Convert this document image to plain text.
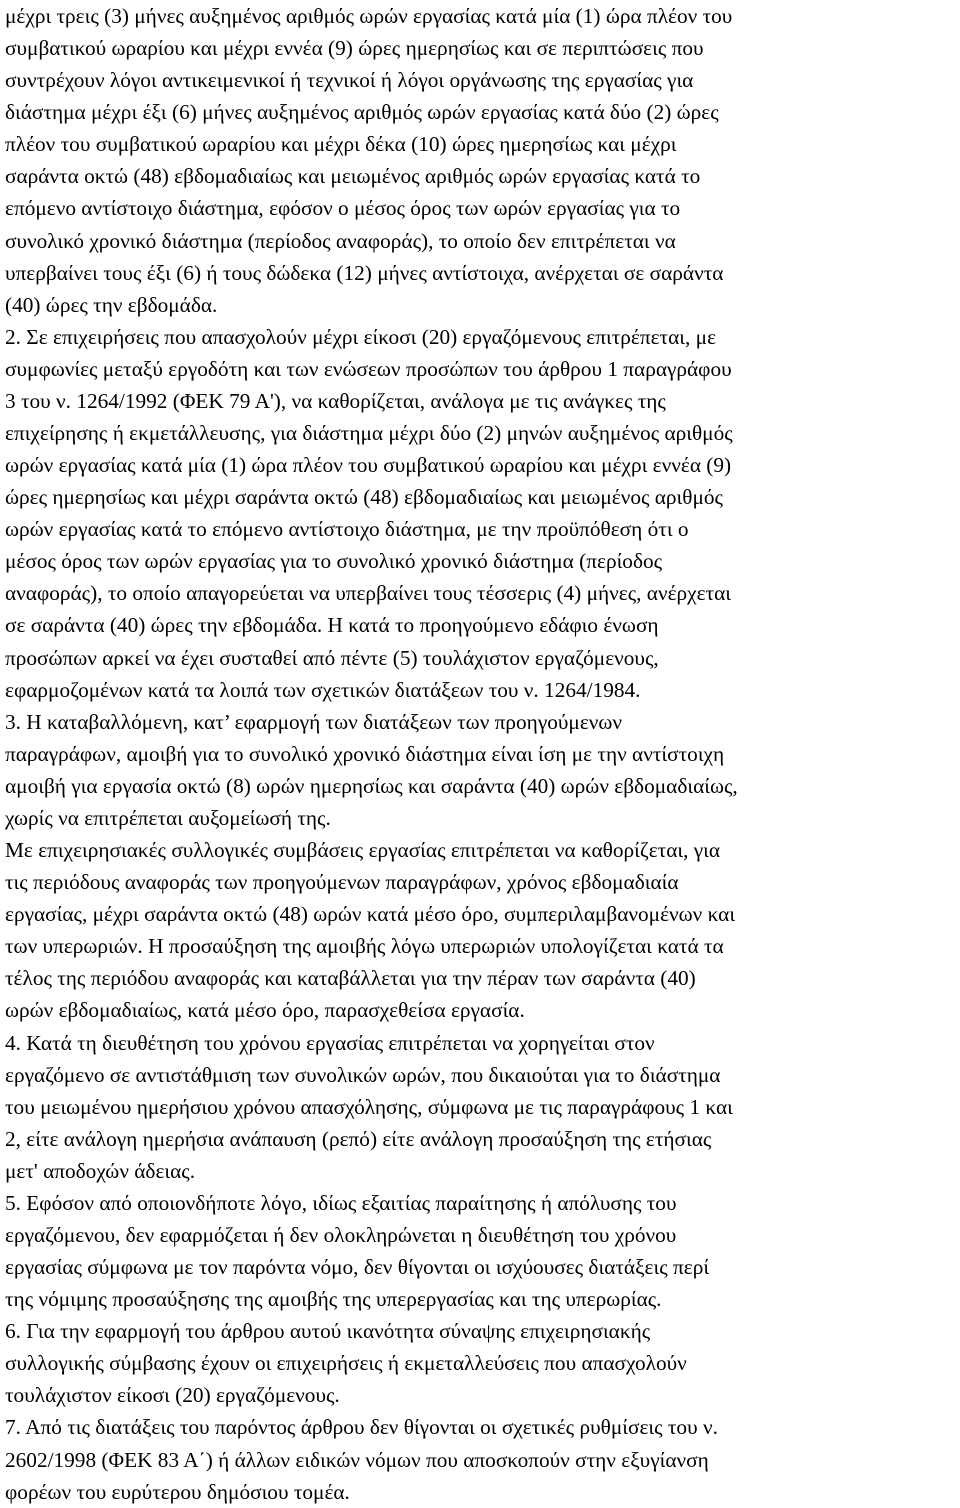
μέχρι τρεις (3) μήνες αυξημένος αριθμός ωρών εργασίας κατά μία (1) ώρα πλέον του
συμβατικού ωραρίου και μέχρι εννέα (9) ώρες ημερησίως και σε περιπτώσεις που
συντρέχουν λόγοι αντικειμενικοί ή τεχνικοί ή λόγοι οργάνωσης της εργασίας για
διάστημα μέχρι έξι (6) μήνες αυξημένος αριθμός ωρών εργασίας κατά δύο (2) ώρες
πλέον του συμβατικού ωραρίου και μέχρι δέκα (10) ώρες ημερησίως και μέχρι
σαράντα οκτώ (48) εβδομαδιαίως και μειωμένος αριθμός ωρών εργασίας κατά το
επόμενο αντίστοιχο διάστημα, εφόσον ο μέσος όρος των ωρών εργασίας για το
συνολικό χρονικό διάστημα (περίοδος αναφοράς), το οποίο δεν επιτρέπεται να
υπερβαίνει τους έξι (6) ή τους δώδεκα (12) μήνες αντίστοιχα, ανέρχεται σε σαράντα
(40) ώρες την εβδομάδα.
2. Σε επιχειρήσεις που απασχολούν μέχρι είκοσι (20) εργαζόμενους επιτρέπεται, με
συμφωνίες μεταξύ εργοδότη και των ενώσεων προσώπων του άρθρου 1 παραγράφου
3 του ν. 1264/1992 (ΦΕΚ 79 Α'), να καθορίζεται, ανάλογα με τις ανάγκες της
επιχείρησης ή εκμετάλλευσης, για διάστημα μέχρι δύο (2) μηνών αυξημένος αριθμός
ωρών εργασίας κατά μία (1) ώρα πλέον του συμβατικού ωραρίου και μέχρι εννέα (9)
ώρες ημερησίως και μέχρι σαράντα οκτώ (48) εβδομαδιαίως και μειωμένος αριθμός
ωρών εργασίας κατά το επόμενο αντίστοιχο διάστημα, με την προϋπόθεση ότι ο
μέσος όρος των ωρών εργασίας για το συνολικό χρονικό διάστημα (περίοδος
αναφοράς), το οποίο απαγορεύεται να υπερβαίνει τους τέσσερις (4) μήνες, ανέρχεται
σε σαράντα (40) ώρες την εβδομάδα. Η κατά το προηγούμενο εδάφιο ένωση
προσώπων αρκεί να έχει συσταθεί από πέντε (5) τουλάχιστον εργαζόμενους,
εφαρμοζομένων κατά τα λοιπά των σχετικών διατάξεων του ν. 1264/1984.
3. Η καταβαλλόμενη, κατ’ εφαρμογή των διατάξεων των προηγούμενων
παραγράφων, αμοιβή για το συνολικό χρονικό διάστημα είναι ίση με την αντίστοιχη
αμοιβή για εργασία οκτώ (8) ωρών ημερησίως και σαράντα (40) ωρών εβδομαδιαίως,
χωρίς να επιτρέπεται αυξομείωσή της.
Με επιχειρησιακές συλλογικές συμβάσεις εργασίας επιτρέπεται να καθορίζεται, για
τις περιόδους αναφοράς των προηγούμενων παραγράφων, χρόνος εβδομαδιαία
εργασίας, μέχρι σαράντα οκτώ (48) ωρών κατά μέσο όρο, συμπεριλαμβανομένων και
των υπερωριών. Η προσαύξηση της αμοιβής λόγω υπερωριών υπολογίζεται κατά τα
τέλος της περιόδου αναφοράς και καταβάλλεται για την πέραν των σαράντα (40)
ωρών εβδομαδιαίως, κατά μέσο όρο, παρασχεθείσα εργασία.
4. Κατά τη διευθέτηση του χρόνου εργασίας επιτρέπεται να χορηγείται στον
εργαζόμενο σε αντιστάθμιση των συνολικών ωρών, που δικαιούται για το διάστημα
του μειωμένου ημερήσιου χρόνου απασχόλησης, σύμφωνα με τις παραγράφους 1 και
2, είτε ανάλογη ημερήσια ανάπαυση (ρεπό) είτε ανάλογη προσαύξηση της ετήσιας
μετ' αποδοχών άδειας.
5. Εφόσον από οποιονδήποτε λόγο, ιδίως εξαιτίας παραίτησης ή απόλυσης του
εργαζόμενου, δεν εφαρμόζεται ή δεν ολοκληρώνεται η διευθέτηση του χρόνου
εργασίας σύμφωνα με τον παρόντα νόμο, δεν θίγονται οι ισχύουσες διατάξεις περί
της νόμιμης προσαύξησης της αμοιβής της υπερεργασίας και της υπερωρίας.
6. Για την εφαρμογή του άρθρου αυτού ικανότητα σύναψης επιχειρησιακής
συλλογικής σύμβασης έχουν οι επιχειρήσεις ή εκμεταλλεύσεις που απασχολούν
τουλάχιστον είκοσι (20) εργαζόμενους.
7. Από τις διατάξεις του παρόντος άρθρου δεν θίγονται οι σχετικές ρυθμίσεις του ν.
2602/1998 (ΦΕΚ 83 Α΄) ή άλλων ειδικών νόμων που αποσκοπούν στην εξυγίανση
φορέων του ευρύτερου δημόσιου τομέα.
